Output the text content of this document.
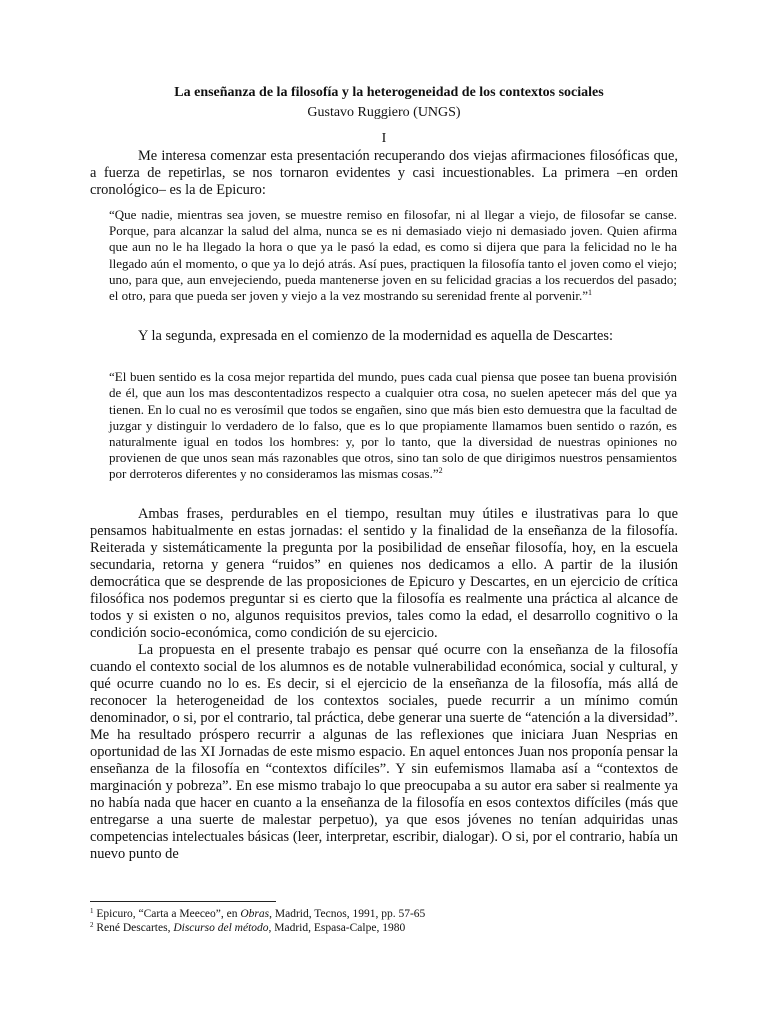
La enseñanza de la filosofía y la heterogeneidad de los contextos sociales

Gustavo Ruggiero (UNGS)

I

Me interesa comenzar esta presentación recuperando dos viejas afirmaciones filosóficas que, a fuerza de repetirlas, se nos tornaron evidentes y casi incuestionables. La primera –en orden cronológico– es la de Epicuro:

“Que nadie, mientras sea joven, se muestre remiso en filosofar, ni al llegar a viejo, de filosofar se canse. Porque, para alcanzar la salud del alma, nunca se es ni demasiado viejo ni demasiado joven. Quien afirma que aun no le ha llegado la hora o que ya le pasó la edad, es como si dijera que para la felicidad no le ha llegado aún el momento, o que ya lo dejó atrás. Así pues, practiquen la filosofía tanto el joven como el viejo; uno, para que, aun envejeciendo, pueda mantenerse joven en su felicidad gracias a los recuerdos del pasado; el otro, para que pueda ser joven y viejo a la vez mostrando su serenidad frente al porvenir.”$^1$

Y la segunda, expresada en el comienzo de la modernidad es aquella de Descartes:

“El buen sentido es la cosa mejor repartida del mundo, pues cada cual piensa que posee tan buena provisión de él, que aun los mas descontentadizos respecto a cualquier otra cosa, no suelen apetecer más del que ya tienen. En lo cual no es verosímil que todos se engañen, sino que más bien esto demuestra que la facultad de juzgar y distinguir lo verdadero de lo falso, que es lo que propiamente llamamos buen sentido o razón, es naturalmente igual en todos los hombres: y, por lo tanto, que la diversidad de nuestras opiniones no provienen de que unos sean más razonables que otros, sino tan solo de que dirigimos nuestros pensamientos por derroteros diferentes y no consideramos las mismas cosas.”$^2$

Ambas frases, perdurables en el tiempo, resultan muy útiles e ilustrativas para lo que pensamos habitualmente en estas jornadas: el sentido y la finalidad de la enseñanza de la filosofía. Reiterada y sistemáticamente la pregunta por la posibilidad de enseñar filosofía, hoy, en la escuela secundaria, retorna y genera “ruidos” en quienes nos dedicamos a ello. A partir de la ilusión democrática que se desprende de las proposiciones de Epicuro y Descartes, en un ejercicio de crítica filosófica nos podemos preguntar si es cierto que la filosofía es realmente una práctica al alcance de todos y si existen o no, algunos requisitos previos, tales como la edad, el desarrollo cognitivo o la condición socio-económica, como condición de su ejercicio.

La propuesta en el presente trabajo es pensar qué ocurre con la enseñanza de la filosofía cuando el contexto social de los alumnos es de notable vulnerabilidad económica, social y cultural, y qué ocurre cuando no lo es. Es decir, si el ejercicio de la enseñanza de la filosofía, más allá de reconocer la heterogeneidad de los contextos sociales, puede recurrir a un mínimo común denominador, o si, por el contrario, tal práctica, debe generar una suerte de “atención a la diversidad”. Me ha resultado próspero recurrir a algunas de las reflexiones que iniciara Juan Nesprias en oportunidad de las XI Jornadas de este mismo espacio. En aquel entonces Juan nos proponía pensar la enseñanza de la filosofía en “contextos difíciles”. Y sin eufemismos llamaba así a “contextos de marginación y pobreza”. En ese mismo trabajo lo que preocupaba a su autor era saber si realmente ya no había nada que hacer en cuanto a la enseñanza de la filosofía en esos contextos difíciles (más que entregarse a una suerte de malestar perpetuo), ya que esos jóvenes no tenían adquiridas unas competencias intelectuales básicas (leer, interpretar, escribir, dialogar). O si, por el contrario, había un nuevo punto de

$^1$ Epicuro, “Carta a Meeceo”, en Obras, Madrid, Tecnos, 1991, pp. 57-65
$^2$ René Descartes, Discurso del método, Madrid, Espasa-Calpe, 1980
